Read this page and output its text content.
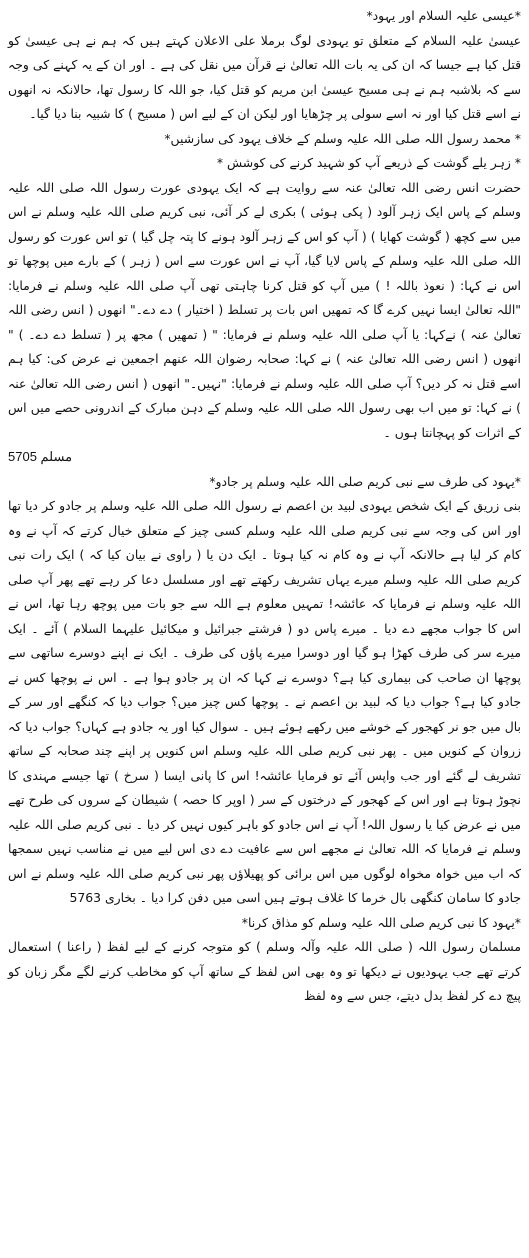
*عیسی علیہ السلام اور یہود*

عیسیٰ علیہ السلام کے متعلق تو یہودی لوگ برملا علی الاعلان کہتے ہیں کہ ہم نے ہی عیسیٰ کو قتل کیا ہے جیسا کہ ان کی یہ بات اللہ تعالیٰ نے قرآن میں نقل کی ہے ۔ اور ان کے یہ کہنے کی وجہ سے کہ بلاشبہ ہم نے ہی مسیح عیسیٰ ابن مریم کو قتل کیا، جو اللہ کا رسول تھا، حالانکہ نہ انھوں نے اسے قتل کیا اور نہ اسے سولی پر چڑھایا اور لیکن ان کے لیے اس ( مسیح ) کا شبیہ بنا دیا گیا۔

* محمد رسول اللہ صلی اللہ علیہ وسلم کے خلاف یہود کی سازشیں*

* زہر یلے گوشت کے ذریعے آپ کو شہید کرنے کی کوشش *

حضرت انس رضی اللہ تعالیٰ عنہ سے روایت ہے کہ ایک یہودی عورت رسول اللہ صلی اللہ علیہ وسلم کے پاس ایک زہر آلود ( پکی ہوئی ) بکری لے کر آئی، نبی کریم صلی اللہ علیہ وسلم نے اس میں سے کچھ ( گوشت کھایا ) ( آپ کو اس کے زہر آلود ہونے کا پتہ چل گیا ) تو اس عورت کو رسول اللہ صلی اللہ علیہ وسلم کے پاس لایا گیا، آپ نے اس عورت سے اس ( زہر ) کے بارے میں پوچھا تو اس نے کہا: ( نعوذ باللہ ! ) میں آپ کو قتل کرنا چاہتی تھی آپ صلی اللہ علیہ وسلم نے فرمایا: "اللہ تعالیٰ ایسا نہیں کرے گا کہ تمھیں اس بات پر تسلط ( اختیار ) دے دے۔" انھوں ( انس رضی اللہ تعالیٰ عنہ ) نےکہا: یا آپ صلی اللہ علیہ وسلم نے فرمایا: " ( تمھیں ) مجھ پر ( تسلط دے دے۔ ) " انھوں ( انس رضی اللہ تعالیٰ عنہ ) نے کہا: صحابہ رضوان اللہ عنھم اجمعین نے عرض کی: کیا ہم اسے قتل نہ کر دیں؟ آپ صلی اللہ علیہ وسلم نے فرمایا: "نہیں۔" انھوں ( انس رضی اللہ تعالیٰ عنہ ) نے کہا: تو میں اب بھی رسول اللہ صلی اللہ علیہ وسلم کے دہن مبارک کے اندرونی حصے میں اس کے اثرات کو پہچانتا ہوں ۔

مسلم 5705

*یہود کی طرف سے نبی کریم صلی اللہ علیہ وسلم پر جادو*

بنی زریق کے ایک شخص یہودی لبید بن اعصم نے رسول اللہ صلی اللہ علیہ وسلم پر جادو کر دیا تھا اور اس کی وجہ سے نبی کریم صلی اللہ علیہ وسلم کسی چیز کے متعلق خیال کرتے کہ آپ نے وہ کام کر لیا ہے حالانکہ آپ نے وہ کام نہ کیا ہوتا ۔ ایک دن یا ( راوی نے بیان کیا کہ ) ایک رات نبی کریم صلی اللہ علیہ وسلم میرے یہاں تشریف رکھتے تھے اور مسلسل دعا کر رہے تھے پھر آپ صلی اللہ علیہ وسلم نے فرمایا کہ عائشہ! تمہیں معلوم ہے اللہ سے جو بات میں پوچھ رہا تھا، اس نے اس کا جواب مجھے دے دیا ۔ میرے پاس دو ( فرشتے جبرائیل و میکائیل علیہما السلام ) آئے ۔ ایک میرے سر کی طرف کھڑا ہو گیا اور دوسرا میرے پاؤں کی طرف ۔ ایک نے اپنے دوسرے ساتھی سے پوچھا ان صاحب کی بیماری کیا ہے؟ دوسرے نے کہا کہ ان پر جادو ہوا ہے ۔ اس نے پوچھا کس نے جادو کیا ہے؟ جواب دیا کہ لبید بن اعصم نے ۔ پوچھا کس چیز میں؟ جواب دیا کہ کنگھے اور سر کے بال میں جو نر کھجور کے خوشے میں رکھے ہوئے ہیں ۔ سوال کیا اور یہ جادو ہے کہاں؟ جواب دیا کہ زروان کے کنویں میں ۔ پھر نبی کریم صلی اللہ علیہ وسلم اس کنویں پر اپنے چند صحابہ کے ساتھ تشریف لے گئے اور جب واپس آئے تو فرمایا عائشہ! اس کا پانی ایسا ( سرخ ) تھا جیسے مہندی کا نچوڑ ہوتا ہے اور اس کے کھجور کے درختوں کے سر ( اوپر کا حصہ ) شیطان کے سروں کی طرح تھے میں نے عرض کیا یا رسول اللہ! آپ نے اس جادو کو باہر کیوں نہیں کر دیا ۔ نبی کریم صلی اللہ علیہ وسلم نے فرمایا کہ اللہ تعالیٰ نے مجھے اس سے عافیت دے دی اس لیے میں نے مناسب نہیں سمجھا کہ اب میں خواہ مخواہ لوگوں میں اس برائی کو پھیلاؤں پھر نبی کریم صلی اللہ علیہ وسلم نے اس جادو کا سامان کنگھی بال خرما کا غلاف ہوتے ہیں اسی میں دفن کرا دیا ۔ بخاری 5763

*یہود کا نبی کریم صلی اللہ علیہ وسلم کو مذاق کرنا*

مسلمان رسول اللہ ( صلی اللہ علیہ وآلہ وسلم ) کو متوجہ کرنے کے لیے لفظ ( راعنا ) استعمال کرتے تھے جب یہودیوں نے دیکھا تو وہ بھی اس لفظ کے ساتھ آپ کو مخاطب کرنے لگے مگر زبان کو پیچ دے کر لفظ بدل دیتے، جس سے وہ لفظ
